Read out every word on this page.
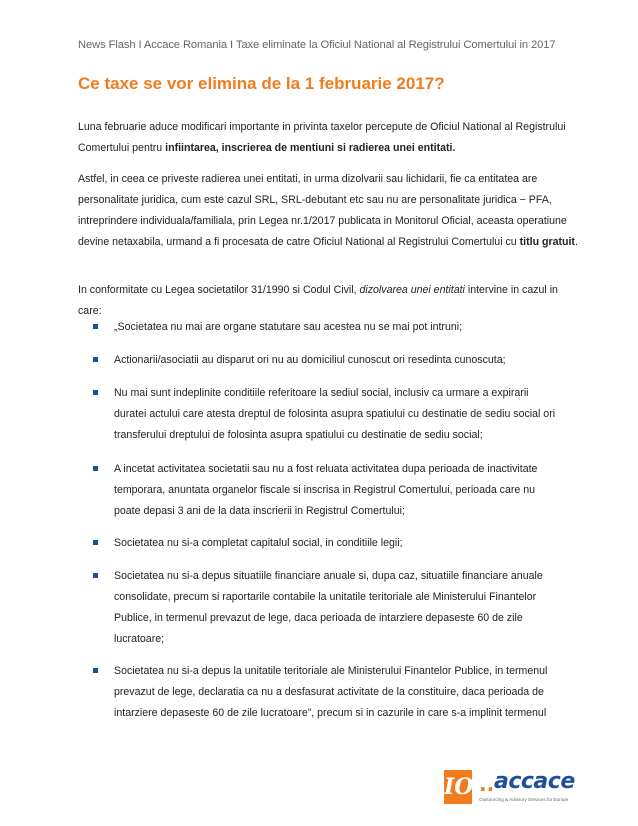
News Flash I Accace Romania I Taxe eliminate la Oficiul National al Registrului Comertului in 2017
Ce taxe se vor elimina de la 1 februarie 2017?

Luna februarie aduce modificari importante in privinta taxelor percepute de Oficiul National al Registrului Comertului pentru infiintarea, inscrierea de mentiuni si radierea unei entitati.

Astfel, in ceea ce priveste radierea unei entitati, in urma dizolvarii sau lichidarii, fie ca entitatea are personalitate juridica, cum este cazul SRL, SRL-debutant etc sau nu are personalitate juridica − PFA, intreprindere individuala/familiala, prin Legea nr.1/2017 publicata in Monitorul Oficial, aceasta operatiune devine netaxabila, urmand a fi procesata de catre Oficiul National al Registrului Comertului cu titlu gratuit.

In conformitate cu Legea societatilor 31/1990 si Codul Civil, dizolvarea unei entitati intervine in cazul in care:

„Societatea nu mai are organe statutare sau acestea nu se mai pot intruni;
Actionarii/asociatii au disparut ori nu au domiciliul cunoscut ori resedinta cunoscuta;
Nu mai sunt indeplinite conditiile referitoare la sediul social, inclusiv ca urmare a expirarii duratei actului care atesta dreptul de folosinta asupra spatiului cu destinatie de sediu social ori transferului dreptului de folosinta asupra spatiului cu destinatie de sediu social;
A incetat activitatea societatii sau nu a fost reluata activitatea dupa perioada de inactivitate temporara, anuntata organelor fiscale si inscrisa in Registrul Comertului, perioada care nu poate depasi 3 ani de la data inscrierii in Registrul Comertului;
Societatea nu si-a completat capitalul social, in conditiile legii;
Societatea nu si-a depus situatiile financiare anuale si, dupa caz, situatiile financiare anuale consolidate, precum si raportarile contabile la unitatile teritoriale ale Ministerului Finantelor Publice, in termenul prevazut de lege, daca perioada de intarziere depaseste 60 de zile lucratoare;
Societatea nu si-a depus la unitatile teritoriale ale Ministerului Finantelor Publice, in termenul prevazut de lege, declaratia ca nu a desfasurat activitate de la constituire, daca perioada de intarziere depaseste 60 de zile lucratoare”, precum si in cazurile in care s-a implinit termenul
IO .. accace
Outsourcing & Advisory Services for Europe
